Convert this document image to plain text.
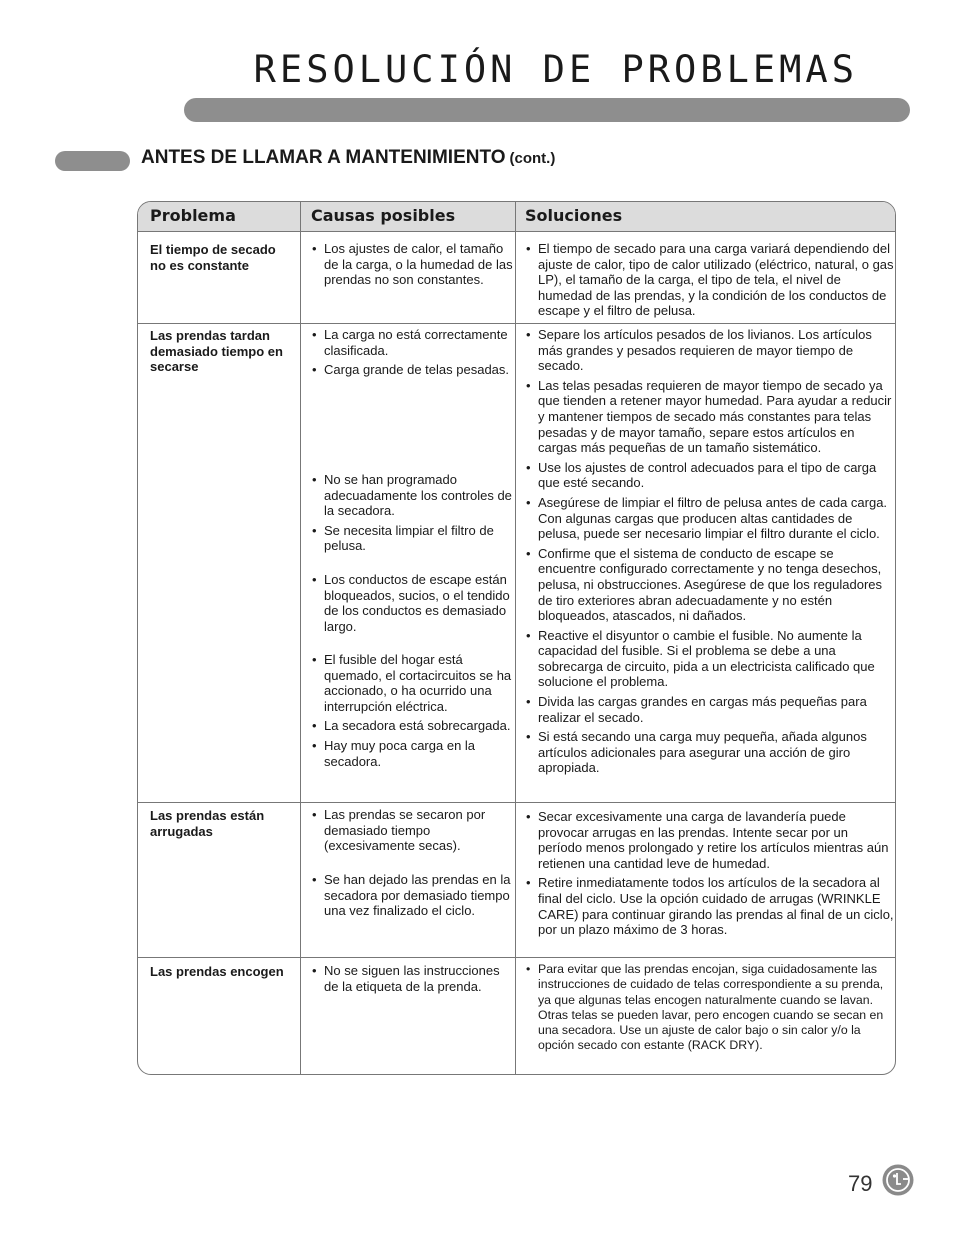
RESOLUCIÓN DE PROBLEMAS
ANTES DE LLAMAR A MANTENIMIENTO (cont.)
Problema	Causas posibles	Soluciones
El tiempo de secado no es constante
• Los ajustes de calor, el tamaño de la carga, o la humedad de las prendas no son constantes.
• El tiempo de secado para una carga variará dependiendo del ajuste de calor, tipo de calor utilizado (eléctrico, natural, o gas LP), el tamaño de la carga, el tipo de tela, el nivel de humedad de las prendas, y la condición de los conductos de escape y el filtro de pelusa.
Las prendas tardan demasiado tiempo en secarse
• La carga no está correctamente clasificada.
• Carga grande de telas pesadas.
• No se han programado adecuadamente los controles de la secadora.
• Se necesita limpiar el filtro de pelusa.
• Los conductos de escape están bloqueados, sucios, o el tendido de los conductos es demasiado largo.
• El fusible del hogar está quemado, el cortacircuitos se ha accionado, o ha ocurrido una interrupción eléctrica.
• La secadora está sobrecargada.
• Hay muy poca carga en la secadora.
• Separe los artículos pesados de los livianos. Los artículos más grandes y pesados requieren de mayor tiempo de secado.
• Las telas pesadas requieren de mayor tiempo de secado ya que tienden a retener mayor humedad. Para ayudar a reducir y mantener tiempos de secado más constantes para telas pesadas y de mayor tamaño, separe estos artículos en cargas más pequeñas de un tamaño sistemático.
• Use los ajustes de control adecuados para el tipo de carga que esté secando.
• Asegúrese de limpiar el filtro de pelusa antes de cada carga. Con algunas cargas que producen altas cantidades de pelusa, puede ser necesario limpiar el filtro durante el ciclo.
• Confirme que el sistema de conducto de escape se encuentre configurado correctamente y no tenga desechos, pelusa, ni obstrucciones. Asegúrese de que los reguladores de tiro exteriores abran adecuadamente y no estén bloqueados, atascados, ni dañados.
• Reactive el disyuntor o cambie el fusible. No aumente la capacidad del fusible. Si el problema se debe a una sobrecarga de circuito, pida a un electricista calificado que solucione el problema.
• Divida las cargas grandes en cargas más pequeñas para realizar el secado.
• Si está secando una carga muy pequeña, añada algunos artículos adicionales para asegurar una acción de giro apropiada.
Las prendas están arrugadas
• Las prendas se secaron por demasiado tiempo (excesivamente secas).
• Se han dejado las prendas en la secadora por demasiado tiempo una vez finalizado el ciclo.
• Secar excesivamente una carga de lavandería puede provocar arrugas en las prendas. Intente secar por un período menos prolongado y retire los artículos mientras aún retienen una cantidad leve de humedad.
• Retire inmediatamente todos los artículos de la secadora al final del ciclo. Use la opción cuidado de arrugas (WRINKLE CARE) para continuar girando las prendas al final de un ciclo, por un plazo máximo de 3 horas.
Las prendas encogen
•	No se siguen las instrucciones de la etiqueta de la prenda.
• Para evitar que las prendas encojan, siga cuidadosamente las instrucciones de cuidado de telas correspondiente a su prenda, ya que algunas telas encogen naturalmente cuando se lavan. Otras telas se pueden lavar, pero encogen cuando se secan en una secadora. Use un ajuste de calor bajo o sin calor y/o la opción secado con estante (RACK DRY).
79
